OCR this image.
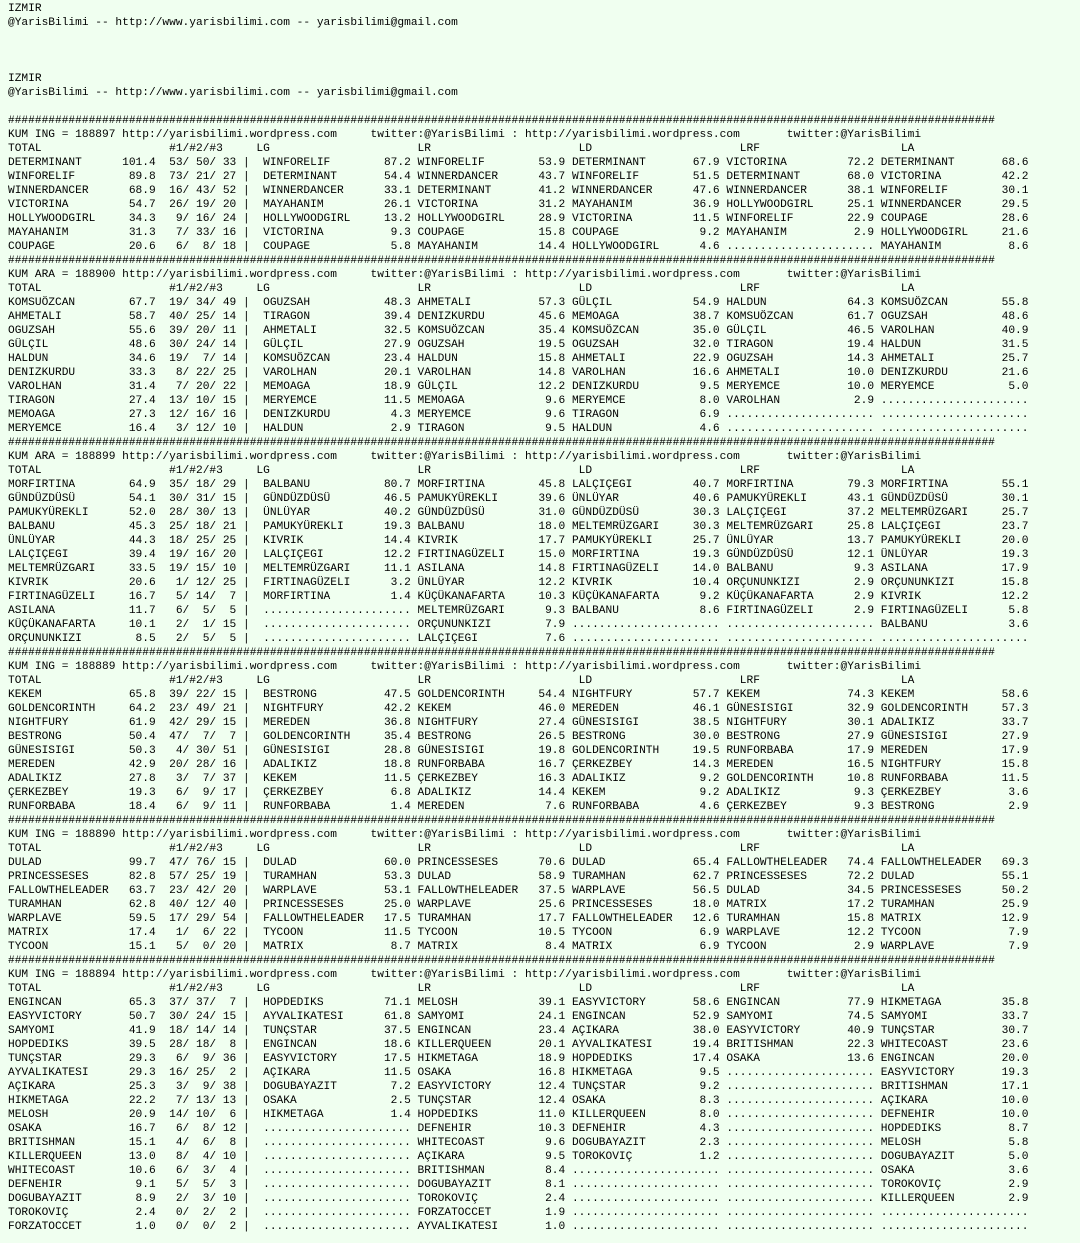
IZMIR
@YarisBilimi -- http://www.yarisbilimi.com -- yarisbilimi@gmail.com
IZMIR
@YarisBilimi -- http://www.yarisbilimi.com -- yarisbilimi@gmail.com
###################################################################################################################################################
KUM ING = 188897 http://yarisbilimi.wordpress.com     twitter:@YarisBilimi : http://yarisbilimi.wordpress.com       twitter:@YarisBilimi
TOTAL                   #1/#2/#3     LG                      LR                      LD                      LRF                     LA
DETERMINANT      101.4  53/ 50/ 33 |  WINFORELIF        87.2 WINFORELIF        53.9 DETERMINANT       67.9 VICTORINA         72.2 DETERMINANT       68.6
WINFORELIF        89.8  73/ 21/ 27 |  DETERMINANT       54.4 WINNERDANCER      43.7 WINFORELIF        51.5 DETERMINANT       68.0 VICTORINA         42.2
WINNERDANCER      68.9  16/ 43/ 52 |  WINNERDANCER      33.1 DETERMINANT       41.2 WINNERDANCER      47.6 WINNERDANCER      38.1 WINFORELIF        30.1
VICTORINA         54.7  26/ 19/ 20 |  MAYAHANIM         26.1 VICTORINA         31.2 MAYAHANIM         36.9 HOLLYWOODGIRL     25.1 WINNERDANCER      29.5
HOLLYWOODGIRL     34.3   9/ 16/ 24 |  HOLLYWOODGIRL     13.2 HOLLYWOODGIRL     28.9 VICTORINA         11.5 WINFORELIF        22.9 COUPAGE           28.6
MAYAHANIM         31.3   7/ 33/ 16 |  VICTORINA          9.3 COUPAGE           15.8 COUPAGE            9.2 MAYAHANIM          2.9 HOLLYWOODGIRL     21.6
COUPAGE           20.6   6/  8/ 18 |  COUPAGE            5.8 MAYAHANIM         14.4 HOLLYWOODGIRL      4.6 ...................... MAYAHANIM          8.6
###################################################################################################################################################
KUM ARA = 188900 http://yarisbilimi.wordpress.com     twitter:@YarisBilimi : http://yarisbilimi.wordpress.com       twitter:@YarisBilimi
TOTAL                   #1/#2/#3     LG                      LR                      LD                      LRF                     LA
KOMSUÖZCAN        67.7  19/ 34/ 49 |  OGUZSAH           48.3 AHMETALI          57.3 GÜLÇIL            54.9 HALDUN            64.3 KOMSUÖZCAN        55.8
AHMETALI          58.7  40/ 25/ 14 |  TIRAGON           39.4 DENIZKURDU        45.6 MEMOAGA           38.7 KOMSUÖZCAN        61.7 OGUZSAH           48.6
OGUZSAH           55.6  39/ 20/ 11 |  AHMETALI          32.5 KOMSUÖZCAN        35.4 KOMSUÖZCAN        35.0 GÜLÇIL            46.5 VAROLHAN          40.9
GÜLÇIL            48.6  30/ 24/ 14 |  GÜLÇIL            27.9 OGUZSAH           19.5 OGUZSAH           32.0 TIRAGON           19.4 HALDUN            31.5
HALDUN            34.6  19/  7/ 14 |  KOMSUÖZCAN        23.4 HALDUN            15.8 AHMETALI          22.9 OGUZSAH           14.3 AHMETALI          25.7
DENIZKURDU        33.3   8/ 22/ 25 |  VAROLHAN          20.1 VAROLHAN          14.8 VAROLHAN          16.6 AHMETALI          10.0 DENIZKURDU        21.6
VAROLHAN          31.4   7/ 20/ 22 |  MEMOAGA           18.9 GÜLÇIL            12.2 DENIZKURDU         9.5 MERYEMCE          10.0 MERYEMCE           5.0
TIRAGON           27.4  13/ 10/ 15 |  MERYEMCE          11.5 MEMOAGA            9.6 MERYEMCE           8.0 VAROLHAN           2.9 ......................
MEMOAGA           27.3  12/ 16/ 16 |  DENIZKURDU         4.3 MERYEMCE           9.6 TIRAGON            6.9 ...................... ......................
MERYEMCE          16.4   3/ 12/ 10 |  HALDUN             2.9 TIRAGON            9.5 HALDUN             4.6 ...................... ......................
###################################################################################################################################################
KUM ARA = 188899 http://yarisbilimi.wordpress.com     twitter:@YarisBilimi : http://yarisbilimi.wordpress.com       twitter:@YarisBilimi
TOTAL                   #1/#2/#3     LG                      LR                      LD                      LRF                     LA
MORFIRTINA        64.9  35/ 18/ 29 |  BALBANU           80.7 MORFIRTINA        45.8 LALÇIÇEGI         40.7 MORFIRTINA        79.3 MORFIRTINA        55.1
GÜNDÜZDÜSÜ        54.1  30/ 31/ 15 |  GÜNDÜZDÜSÜ        46.5 PAMUKYÜREKLI      39.6 ÜNLÜYAR           40.6 PAMUKYÜREKLI      43.1 GÜNDÜZDÜSÜ        30.1
PAMUKYÜREKLI      52.0  28/ 30/ 13 |  ÜNLÜYAR           40.2 GÜNDÜZDÜSÜ        31.0 GÜNDÜZDÜSÜ        30.3 LALÇIÇEGI         37.2 MELTEMRÜZGARI     25.7
BALBANU           45.3  25/ 18/ 21 |  PAMUKYÜREKLI      19.3 BALBANU           18.0 MELTEMRÜZGARI     30.3 MELTEMRÜZGARI     25.8 LALÇIÇEGI         23.7
ÜNLÜYAR           44.3  18/ 25/ 25 |  KIVRIK            14.4 KIVRIK            17.7 PAMUKYÜREKLI      25.7 ÜNLÜYAR           13.7 PAMUKYÜREKLI      20.0
LALÇIÇEGI         39.4  19/ 16/ 20 |  LALÇIÇEGI         12.2 FIRTINAGÜZELI     15.0 MORFIRTINA        19.3 GÜNDÜZDÜSÜ        12.1 ÜNLÜYAR           19.3
MELTEMRÜZGARI     33.5  19/ 15/ 10 |  MELTEMRÜZGARI     11.1 ASILANA           14.8 FIRTINAGÜZELI     14.0 BALBANU            9.3 ASILANA           17.9
KIVRIK            20.6   1/ 12/ 25 |  FIRTINAGÜZELI      3.2 ÜNLÜYAR           12.2 KIVRIK            10.4 ORÇUNUNKIZI        2.9 ORÇUNUNKIZI       15.8
FIRTINAGÜZELI     16.7   5/ 14/  7 |  MORFIRTINA         1.4 KÜÇÜKANAFARTA     10.3 KÜÇÜKANAFARTA      9.2 KÜÇÜKANAFARTA      2.9 KIVRIK            12.2
ASILANA           11.7   6/  5/  5 |  ...................... MELTEMRÜZGARI      9.3 BALBANU            8.6 FIRTINAGÜZELI      2.9 FIRTINAGÜZELI      5.8
KÜÇÜKANAFARTA     10.1   2/  1/ 15 |  ...................... ORÇUNUNKIZI        7.9 ...................... ...................... BALBANU            3.6
ORÇUNUNKIZI        8.5   2/  5/  5 |  ...................... LALÇIÇEGI          7.6 ...................... ...................... ......................
###################################################################################################################################################
KUM ING = 188889 http://yarisbilimi.wordpress.com     twitter:@YarisBilimi : http://yarisbilimi.wordpress.com       twitter:@YarisBilimi
TOTAL                   #1/#2/#3     LG                      LR                      LD                      LRF                     LA
KEKEM             65.8  39/ 22/ 15 |  BESTRONG          47.5 GOLDENCORINTH     54.4 NIGHTFURY         57.7 KEKEM             74.3 KEKEM             58.6
GOLDENCORINTH     64.2  23/ 49/ 21 |  NIGHTFURY         42.2 KEKEM             46.0 MEREDEN           46.1 GÜNESISIGI        32.9 GOLDENCORINTH     57.3
NIGHTFURY         61.9  42/ 29/ 15 |  MEREDEN           36.8 NIGHTFURY         27.4 GÜNESISIGI        38.5 NIGHTFURY         30.1 ADALIKIZ          33.7
BESTRONG          50.4  47/  7/  7 |  GOLDENCORINTH     35.4 BESTRONG          26.5 BESTRONG          30.0 BESTRONG          27.9 GÜNESISIGI        27.9
GÜNESISIGI        50.3   4/ 30/ 51 |  GÜNESISIGI        28.8 GÜNESISIGI        19.8 GOLDENCORINTH     19.5 RUNFORBABA        17.9 MEREDEN           17.9
MEREDEN           42.9  20/ 28/ 16 |  ADALIKIZ          18.8 RUNFORBABA        16.7 ÇERKEZBEY         14.3 MEREDEN           16.5 NIGHTFURY         15.8
ADALIKIZ          27.8   3/  7/ 37 |  KEKEM             11.5 ÇERKEZBEY         16.3 ADALIKIZ           9.2 GOLDENCORINTH     10.8 RUNFORBABA        11.5
ÇERKEZBEY         19.3   6/  9/ 17 |  ÇERKEZBEY          6.8 ADALIKIZ          14.4 KEKEM              9.2 ADALIKIZ           9.3 ÇERKEZBEY          3.6
RUNFORBABA        18.4   6/  9/ 11 |  RUNFORBABA         1.4 MEREDEN            7.6 RUNFORBABA         4.6 ÇERKEZBEY          9.3 BESTRONG           2.9
###################################################################################################################################################
KUM ING = 188890 http://yarisbilimi.wordpress.com     twitter:@YarisBilimi : http://yarisbilimi.wordpress.com       twitter:@YarisBilimi
TOTAL                   #1/#2/#3     LG                      LR                      LD                      LRF                     LA
DULAD             99.7  47/ 76/ 15 |  DULAD             60.0 PRINCESSESES      70.6 DULAD             65.4 FALLOWTHELEADER   74.4 FALLOWTHELEADER   69.3
PRINCESSESES      82.8  57/ 25/ 19 |  TURAMHAN          53.3 DULAD             58.9 TURAMHAN          62.7 PRINCESSESES      72.2 DULAD             55.1
FALLOWTHELEADER   63.7  23/ 42/ 20 |  WARPLAVE          53.1 FALLOWTHELEADER   37.5 WARPLAVE          56.5 DULAD             34.5 PRINCESSESES      50.2
TURAMHAN          62.8  40/ 12/ 40 |  PRINCESSESES      25.0 WARPLAVE          25.6 PRINCESSESES      18.0 MATRIX            17.2 TURAMHAN          25.9
WARPLAVE          59.5  17/ 29/ 54 |  FALLOWTHELEADER   17.5 TURAMHAN          17.7 FALLOWTHELEADER   12.6 TURAMHAN          15.8 MATRIX            12.9
MATRIX            17.4   1/  6/ 22 |  TYCOON            11.5 TYCOON            10.5 TYCOON             6.9 WARPLAVE          12.2 TYCOON             7.9
TYCOON            15.1   5/  0/ 20 |  MATRIX             8.7 MATRIX             8.4 MATRIX             6.9 TYCOON             2.9 WARPLAVE           7.9
###################################################################################################################################################
KUM ING = 188894 http://yarisbilimi.wordpress.com     twitter:@YarisBilimi : http://yarisbilimi.wordpress.com       twitter:@YarisBilimi
TOTAL                   #1/#2/#3     LG                      LR                      LD                      LRF                     LA
ENGINCAN          65.3  37/ 37/  7 |  HOPDEDIKS         71.1 MELOSH            39.1 EASYVICTORY       58.6 ENGINCAN          77.9 HIKMETAGA         35.8
EASYVICTORY       50.7  30/ 24/ 15 |  AYVALIKATESI      61.8 SAMYOMI           24.1 ENGINCAN          52.9 SAMYOMI           74.5 SAMYOMI           33.7
SAMYOMI           41.9  18/ 14/ 14 |  TUNÇSTAR          37.5 ENGINCAN          23.4 AÇIKARA           38.0 EASYVICTORY       40.9 TUNÇSTAR          30.7
HOPDEDIKS         39.5  28/ 18/  8 |  ENGINCAN          18.6 KILLERQUEEN       20.1 AYVALIKATESI      19.4 BRITISHMAN        22.3 WHITECOAST        23.6
TUNÇSTAR          29.3   6/  9/ 36 |  EASYVICTORY       17.5 HIKMETAGA         18.9 HOPDEDIKS         17.4 OSAKA             13.6 ENGINCAN          20.0
AYVALIKATESI      29.3  16/ 25/  2 |  AÇIKARA           11.5 OSAKA             16.8 HIKMETAGA          9.5 ...................... EASYVICTORY       19.3
AÇIKARA           25.3   3/  9/ 38 |  DOGUBAYAZIT        7.2 EASYVICTORY       12.4 TUNÇSTAR           9.2 ...................... BRITISHMAN        17.1
HIKMETAGA         22.2   7/ 13/ 13 |  OSAKA              2.5 TUNÇSTAR          12.4 OSAKA              8.3 ...................... AÇIKARA           10.0
MELOSH            20.9  14/ 10/  6 |  HIKMETAGA          1.4 HOPDEDIKS         11.0 KILLERQUEEN        8.0 ...................... DEFNEHIR          10.0
OSAKA             16.7   6/  8/ 12 |  ...................... DEFNEHIR          10.3 DEFNEHIR           4.3 ...................... HOPDEDIKS          8.7
BRITISHMAN        15.1   4/  6/  8 |  ...................... WHITECOAST         9.6 DOGUBAYAZIT        2.3 ...................... MELOSH             5.8
KILLERQUEEN       13.0   8/  4/ 10 |  ...................... AÇIKARA            9.5 TOROKOVIÇ          1.2 ...................... DOGUBAYAZIT        5.0
WHITECOAST        10.6   6/  3/  4 |  ...................... BRITISHMAN         8.4 ...................... ...................... OSAKA              3.6
DEFNEHIR           9.1   5/  5/  3 |  ...................... DOGUBAYAZIT        8.1 ...................... ...................... TOROKOVIÇ          2.9
DOGUBAYAZIT        8.9   2/  3/ 10 |  ...................... TOROKOVIÇ          2.4 ...................... ...................... KILLERQUEEN        2.9
TOROKOVIÇ          2.4   0/  2/  2 |  ...................... FORZATOCCET        1.9 ...................... ...................... ......................
FORZATOCCET        1.0   0/  0/  2 |  ...................... AYVALIKATESI       1.0 ...................... ...................... ......................
